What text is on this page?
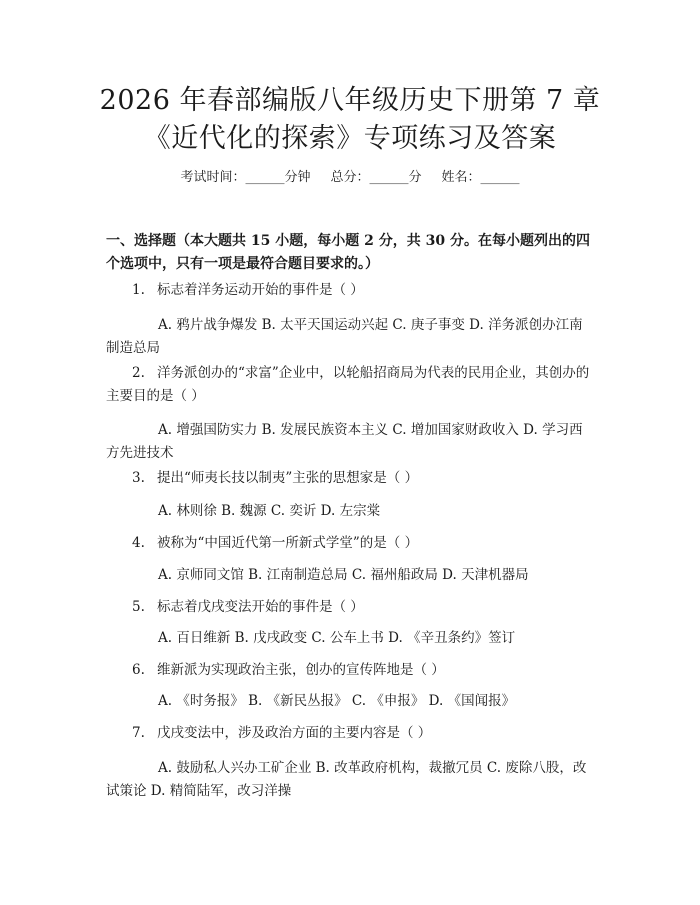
2026 年春部编版八年级历史下册第 7 章《近代化的探索》专项练习及答案
考试时间：______分钟 总分：______分 姓名：______
一、选择题（本大题共 15 小题，每小题 2 分，共 30 分。在每小题列出的四个选项中，只有一项是最符合题目要求的。）
1. 标志着洋务运动开始的事件是（ ）
A. 鸦片战争爆发 B. 太平天国运动兴起 C. 庚子事变 D. 洋务派创办江南制造总局
2. 洋务派创办的“求富”企业中，以轮船招商局为代表的民用企业，其创办的主要目的是（ ）
A. 增强国防实力 B. 发展民族资本主义 C. 增加国家财政收入 D. 学习西方先进技术
3. 提出“师夷长技以制夷”主张的思想家是（ ）
A. 林则徐 B. 魏源 C. 奕䜣 D. 左宗棠
4. 被称为“中国近代第一所新式学堂”的是（ ）
A. 京师同文馆 B. 江南制造总局 C. 福州船政局 D. 天津机器局
5. 标志着戊戌变法开始的事件是（ ）
A. 百日维新 B. 戊戌政变 C. 公车上书 D. 《辛丑条约》签订
6. 维新派为实现政治主张，创办的宣传阵地是（ ）
A. 《时务报》 B. 《新民丛报》 C. 《申报》 D. 《国闻报》
7. 戊戌变法中，涉及政治方面的主要内容是（ ）
A. 鼓励私人兴办工矿企业 B. 改革政府机构，裁撤冗员 C. 废除八股，改试策论 D. 精简陆军，改习洋操
